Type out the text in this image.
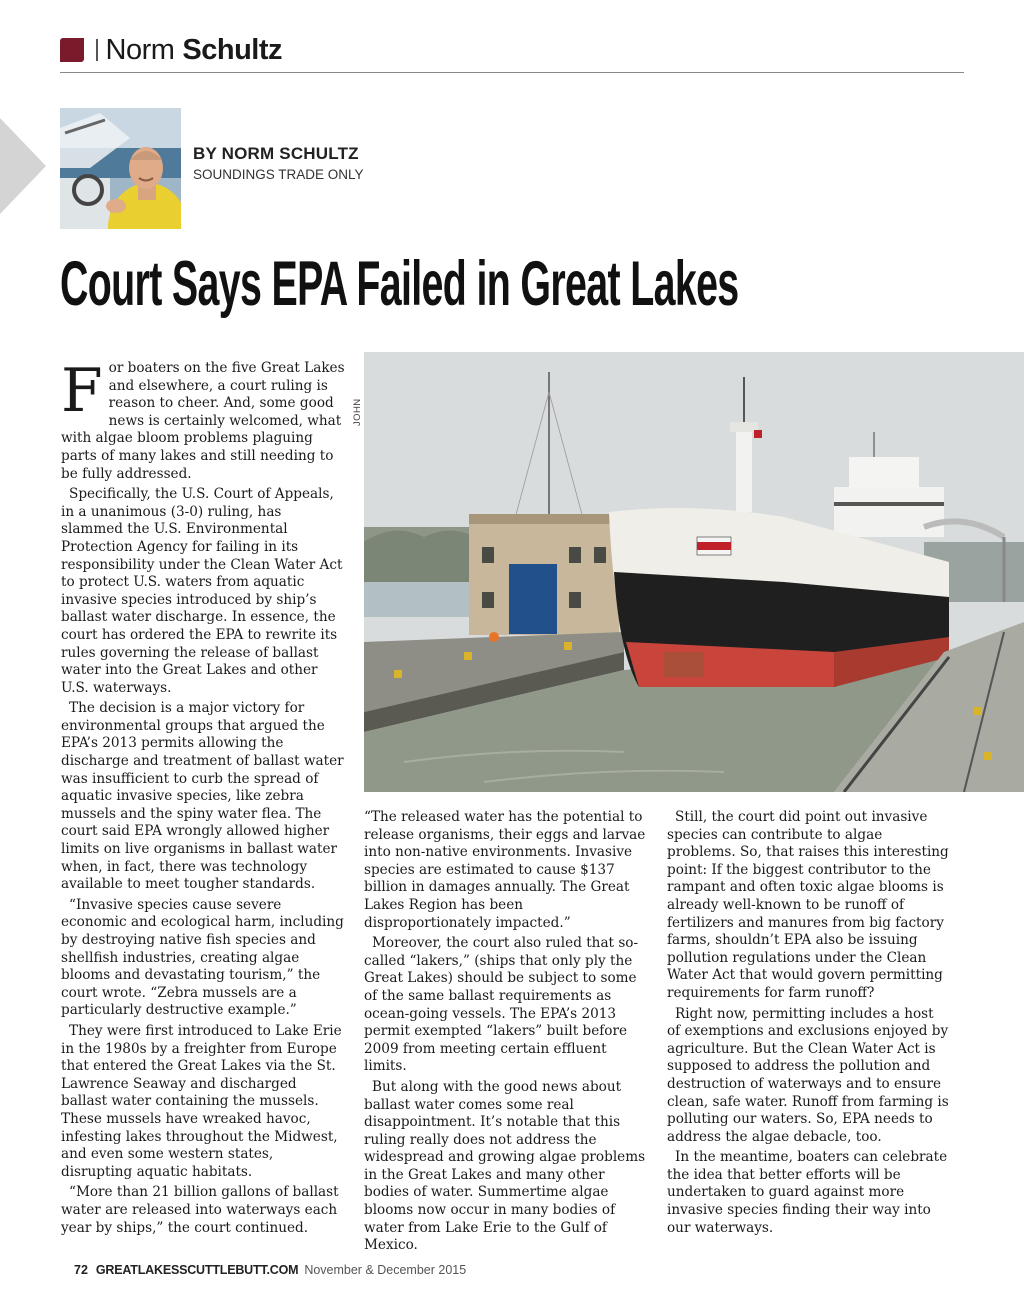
Norm Schultz
BY NORM SCHULTZ
SOUNDINGS TRADE ONLY
Court Says EPA Failed in Great Lakes

For boaters on the five Great Lakes and elsewhere, a court ruling is reason to cheer. And, some good news is certainly welcomed, what with algae bloom problems plaguing parts of many lakes and still needing to be fully addressed.

Specifically, the U.S. Court of Appeals, in a unanimous (3-0) ruling, has slammed the U.S. Environmental Protection Agency for failing in its responsibility under the Clean Water Act to protect U.S. waters from aquatic invasive species introduced by ship’s ballast water discharge. In essence, the court has ordered the EPA to rewrite its rules governing the release of ballast water into the Great Lakes and other U.S. waterways.

The decision is a major victory for environmental groups that argued the EPA’s 2013 permits allowing the discharge and treatment of ballast water was insufficient to curb the spread of aquatic invasive species, like zebra mussels and the spiny water flea. The court said EPA wrongly allowed higher limits on live organisms in ballast water when, in fact, there was technology available to meet tougher standards.

“Invasive species cause severe economic and ecological harm, including by destroying native fish species and shellfish industries, creating algae blooms and devastating tourism,” the court wrote. “Zebra mussels are a particularly destructive example.”

They were first introduced to Lake Erie in the 1980s by a freighter from Europe that entered the Great Lakes via the St. Lawrence Seaway and discharged ballast water containing the mussels. These mussels have wreaked havoc, infesting lakes throughout the Midwest, and even some western states, disrupting aquatic habitats.

“More than 21 billion gallons of ballast water are released into waterways each year by ships,” the court continued.

JOHN

“The released water has the potential to release organisms, their eggs and larvae into non-native environments. Invasive species are estimated to cause $137 billion in damages annually. The Great Lakes Region has been disproportionately impacted.”

Moreover, the court also ruled that so-called “lakers,” (ships that only ply the Great Lakes) should be subject to some of the same ballast requirements as ocean-going vessels. The EPA’s 2013 permit exempted “lakers” built before 2009 from meeting certain effluent limits.

But along with the good news about ballast water comes some real disappointment. It’s notable that this ruling really does not address the widespread and growing algae problems in the Great Lakes and many other bodies of water. Summertime algae blooms now occur in many bodies of water from Lake Erie to the Gulf of Mexico.

Still, the court did point out invasive species can contribute to algae problems. So, that raises this interesting point: If the biggest contributor to the rampant and often toxic algae blooms is already well-known to be runoff of fertilizers and manures from big factory farms, shouldn’t EPA also be issuing pollution regulations under the Clean Water Act that would govern permitting requirements for farm runoff?

Right now, permitting includes a host of exemptions and exclusions enjoyed by agriculture. But the Clean Water Act is supposed to address the pollution and destruction of waterways and to ensure clean, safe water. Runoff from farming is polluting our waters. So, EPA needs to address the algae debacle, too.

In the meantime, boaters can celebrate the idea that better efforts will be undertaken to guard against more invasive species finding their way into our waterways.

72 GREATLAKESSCUTTLEBUTT.COM November & December 2015
